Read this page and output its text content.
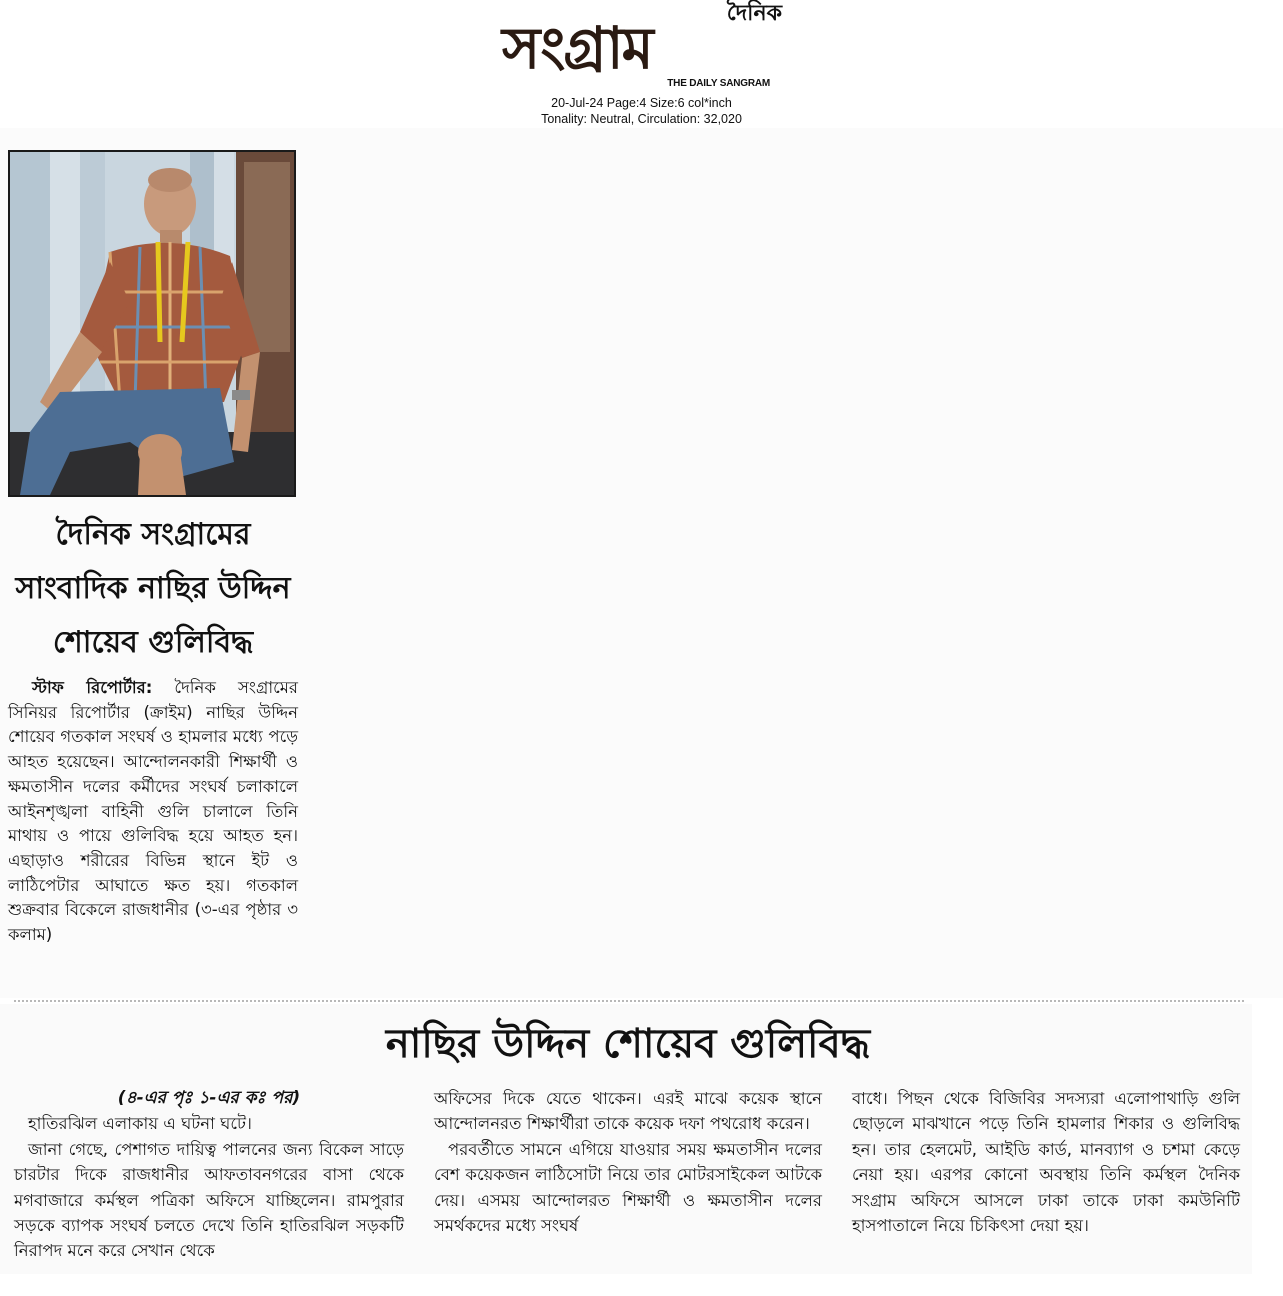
দৈনিক
সংগ্রাম
THE DAILY SANGRAM
20-Jul-24 Page:4 Size:6 col*inch
Tonality: Neutral, Circulation: 32,020
দৈনিক সংগ্রামের
সাংবাদিক নাছির উদ্দিন
শোয়েব গুলিবিদ্ধ
স্টাফ রিপোর্টার: দৈনিক সংগ্রামের সিনিয়র রিপোর্টার (ক্রাইম) নাছির উদ্দিন শোয়েব গতকাল সংঘর্ষ ও হামলার মধ্যে পড়ে আহত হয়েছেন। আন্দোলনকারী শিক্ষার্থী ও ক্ষমতাসীন দলের কর্মীদের সংঘর্ষ চলাকালে আইনশৃঙ্খলা বাহিনী গুলি চালালে তিনি মাথায় ও পায়ে গুলিবিদ্ধ হয়ে আহত হন। এছাড়াও শরীরের বিভিন্ন স্থানে ইট ও লাঠিপেটার আঘাতে ক্ষত হয়। গতকাল শুক্রবার বিকেলে রাজধানীর (৩-এর পৃষ্ঠার ৩ কলাম)
নাছির উদ্দিন শোয়েব গুলিবিদ্ধ
(৪-এর পৃঃ ১-এর কঃ পর)

হাতিরঝিল এলাকায় এ ঘটনা ঘটে।

জানা গেছে, পেশাগত দায়িত্ব পালনের জন্য বিকেল সাড়ে চারটার দিকে রাজধানীর আফতাবনগরের বাসা থেকে মগবাজারে কর্মস্থল পত্রিকা অফিসে যাচ্ছিলেন। রামপুরার সড়কে ব্যাপক সংঘর্ষ চলতে দেখে তিনি হাতিরঝিল সড়কটি নিরাপদ মনে করে সেখান থেকে

অফিসের দিকে যেতে থাকেন। এরই মাঝে কয়েক স্থানে আন্দোলনরত শিক্ষার্থীরা তাকে কয়েক দফা পথরোধ করেন।

পরবর্তীতে সামনে এগিয়ে যাওয়ার সময় ক্ষমতাসীন দলের বেশ কয়েকজন লাঠিসোটা নিয়ে তার মোটরসাইকেল আটকে দেয়। এসময় আন্দোলরত শিক্ষার্থী ও ক্ষমতাসীন দলের সমর্থকদের মধ্যে সংঘর্ষ

বাধে। পিছন থেকে বিজিবির সদস্যরা এলোপাথাড়ি গুলি ছোড়লে মাঝখানে পড়ে তিনি হামলার শিকার ও গুলিবিদ্ধ হন। তার হেলমেট, আইডি কার্ড, মানব্যাগ ও চশমা কেড়ে নেয়া হয়। এরপর কোনো অবস্থায় তিনি কর্মস্থল দৈনিক সংগ্রাম অফিসে আসলে ঢাকা তাকে ঢাকা কমউনিটি হাসপাতালে নিয়ে চিকিৎসা দেয়া হয়।
